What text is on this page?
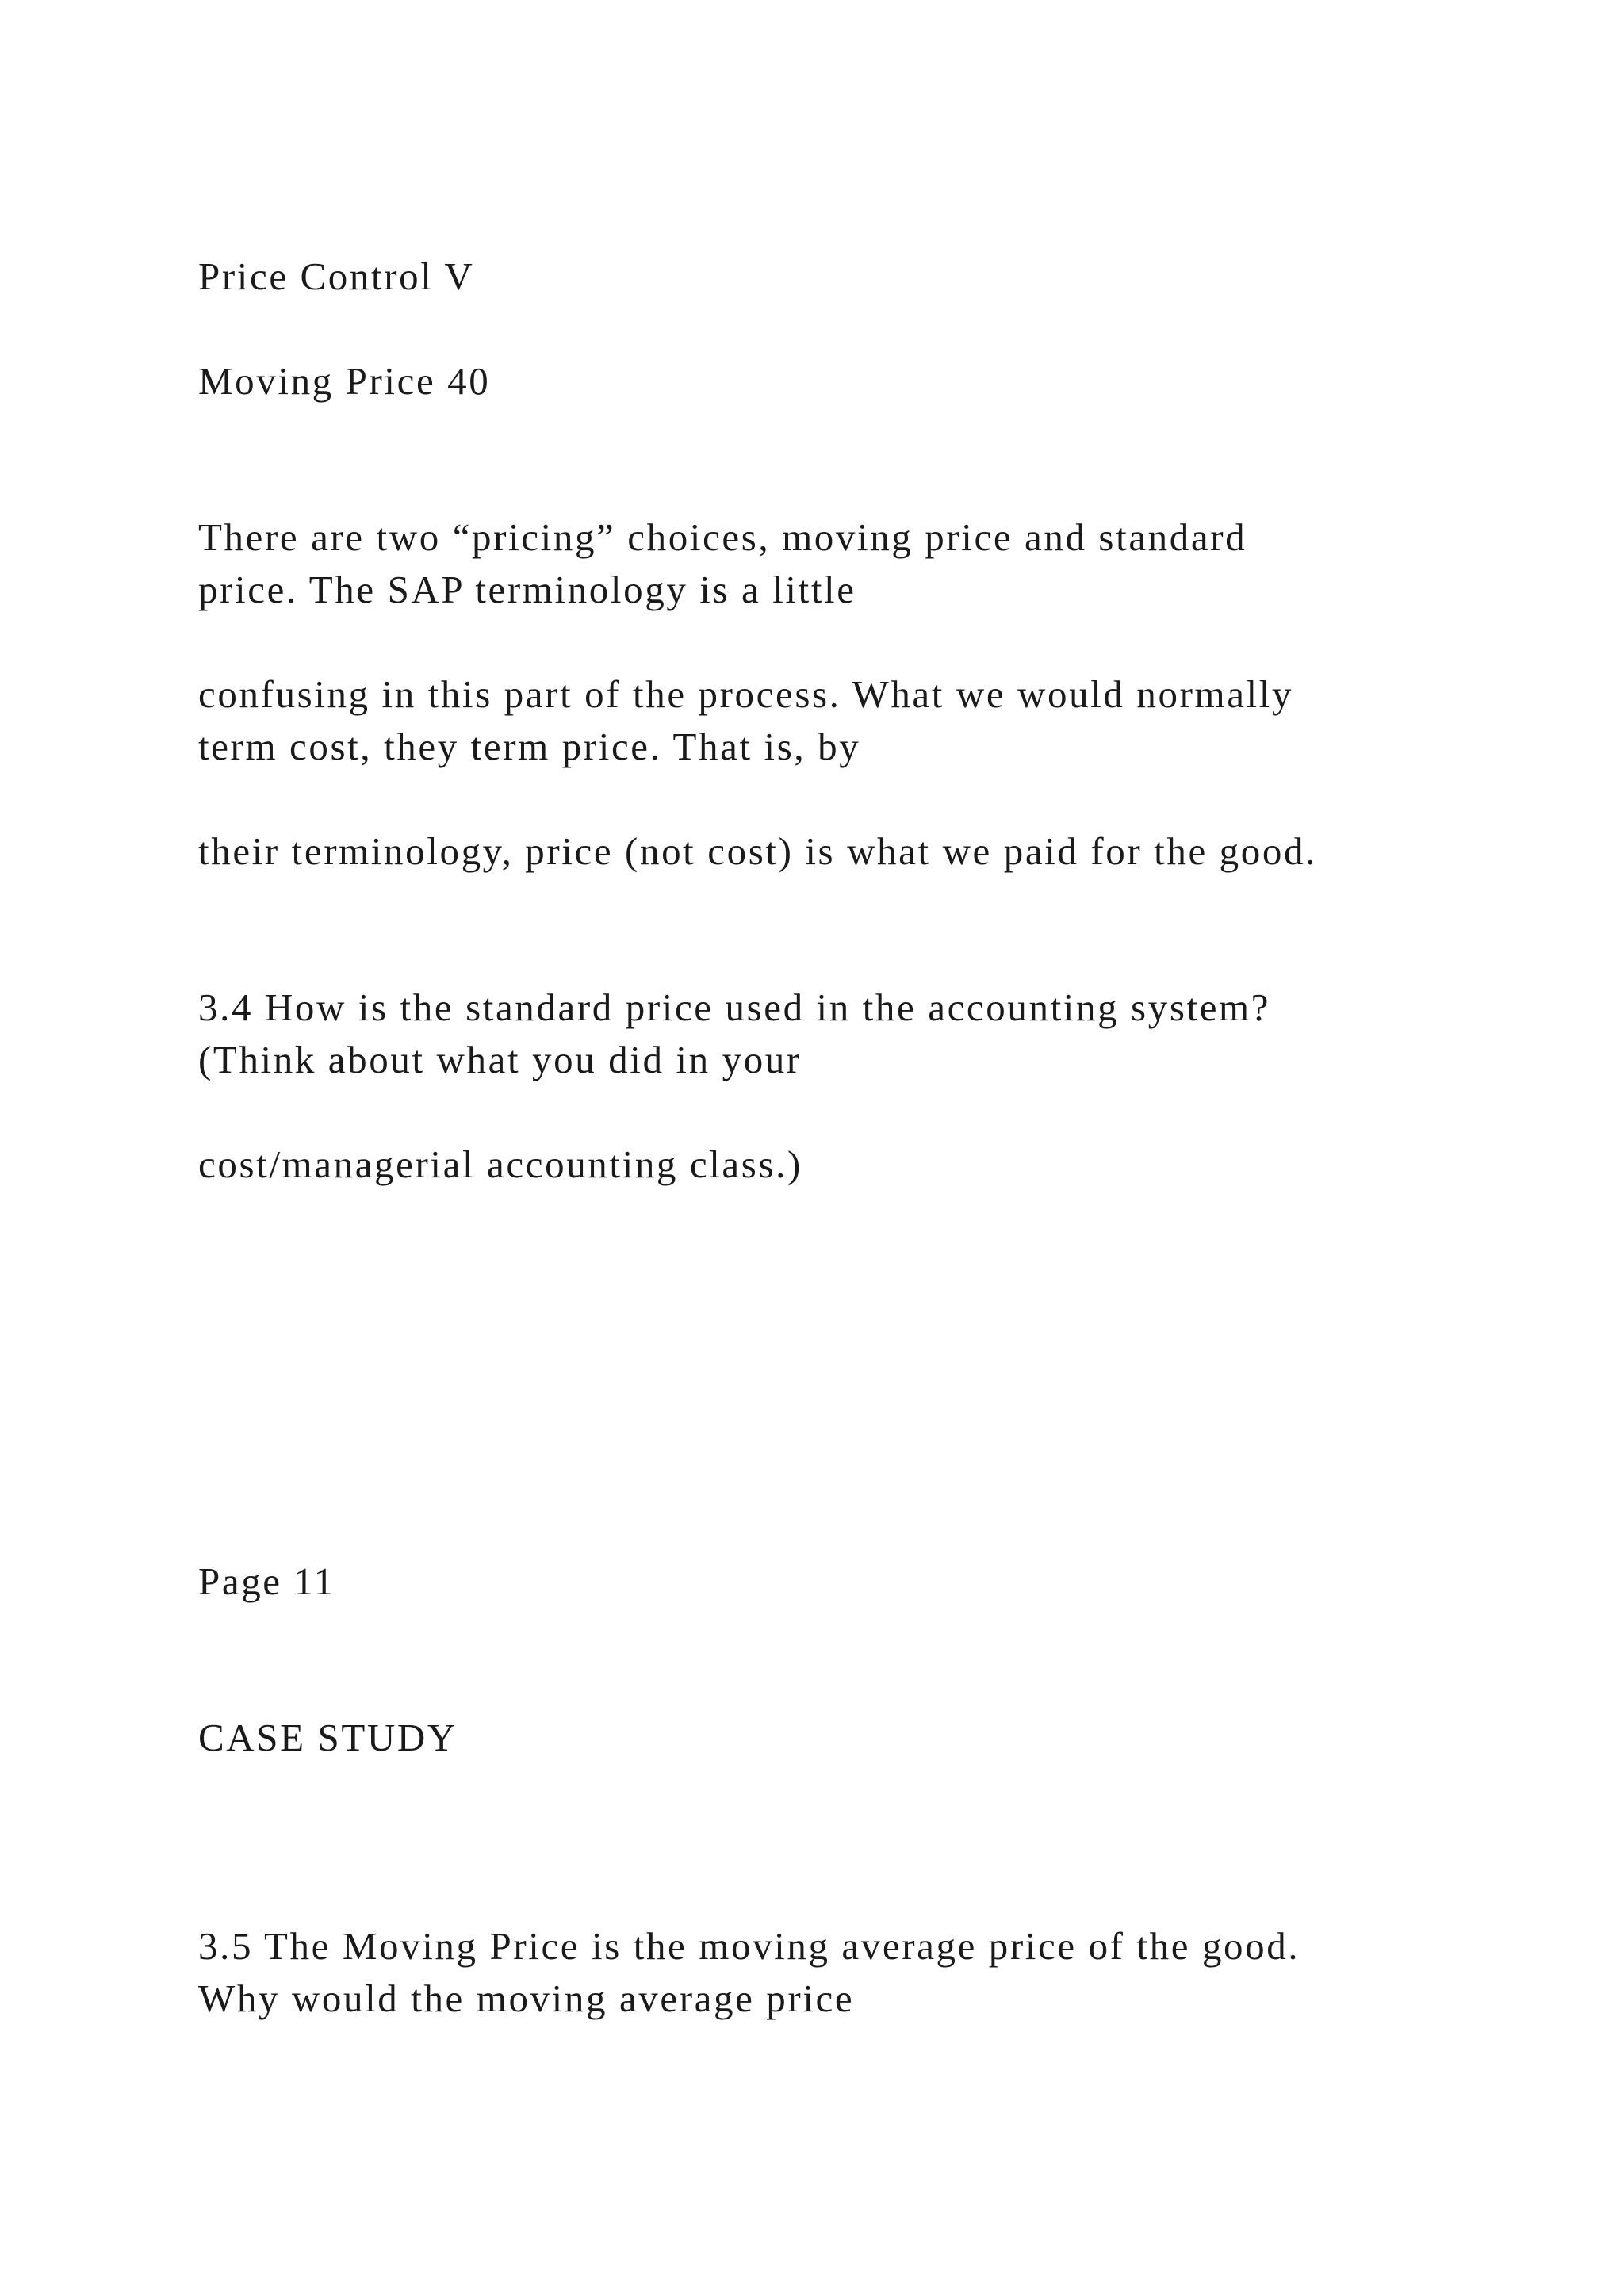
Price Control V
Moving Price 40
There are two “pricing” choices, moving price and standard
price. The SAP terminology is a little
confusing in this part of the process. What we would normally
term cost, they term price. That is, by
their terminology, price (not cost) is what we paid for the good.
3.4 How is the standard price used in the accounting system?
(Think about what you did in your
cost/managerial accounting class.)
Page 11
CASE STUDY
3.5 The Moving Price is the moving average price of the good.
Why would the moving average price
